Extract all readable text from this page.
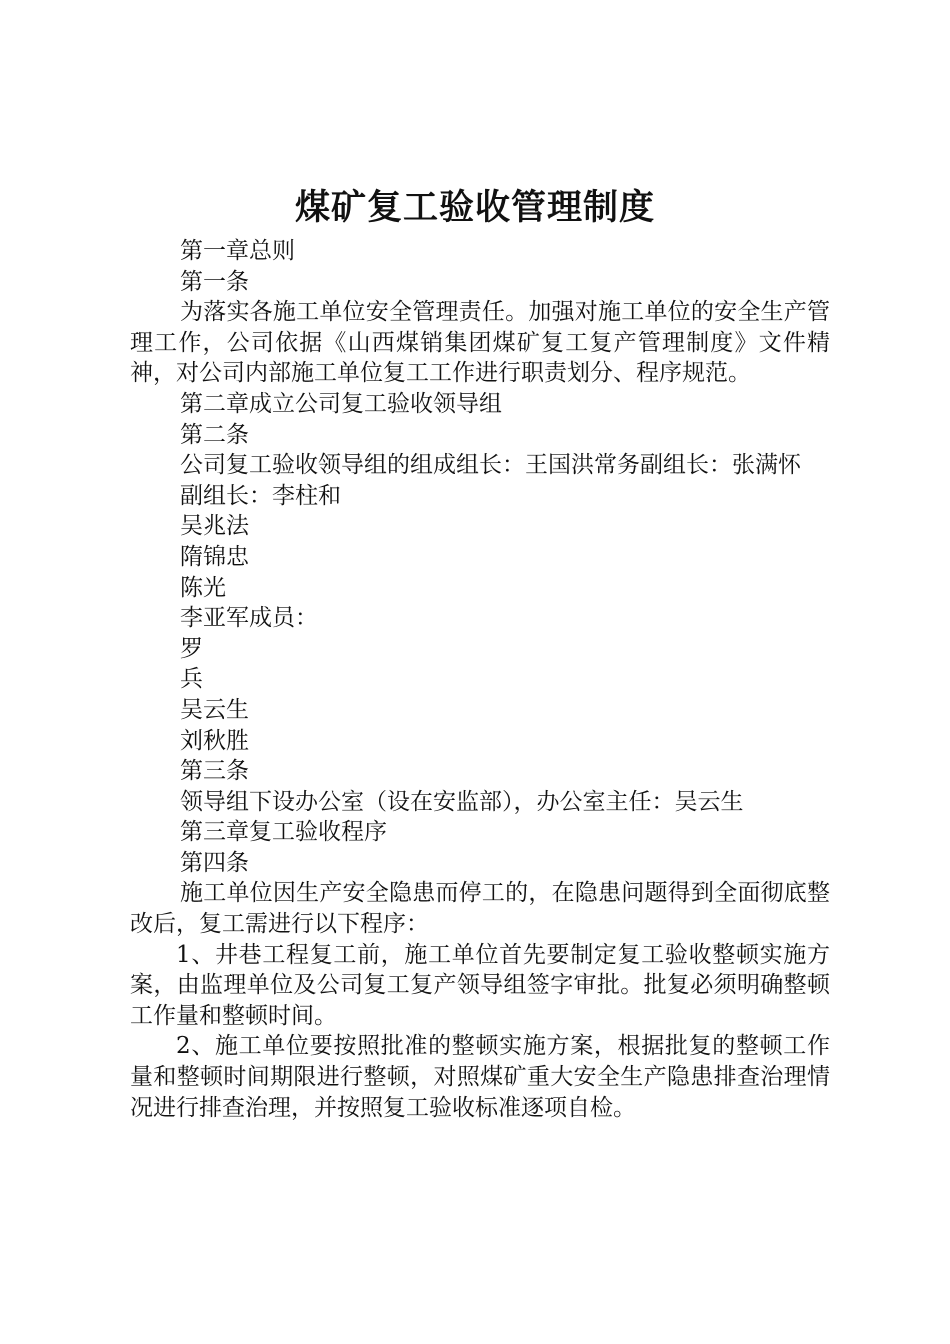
煤矿复工验收管理制度

第一章总则

第一条

为落实各施工单位安全管理责任。加强对施工单位的安全生产管理工作，公司依据《山西煤销集团煤矿复工复产管理制度》文件精神，对公司内部施工单位复工工作进行职责划分、程序规范。

第二章成立公司复工验收领导组

第二条

公司复工验收领导组的组成组长：王国洪常务副组长：张满怀

副组长：李柱和

吴兆法

隋锦忠

陈光

李亚军成员：

罗

兵

吴云生

刘秋胜

第三条

领导组下设办公室（设在安监部），办公室主任：吴云生

第三章复工验收程序

第四条

施工单位因生产安全隐患而停工的，在隐患问题得到全面彻底整改后，复工需进行以下程序：

1、井巷工程复工前，施工单位首先要制定复工验收整顿实施方案，由监理单位及公司复工复产领导组签字审批。批复必须明确整顿工作量和整顿时间。

2、施工单位要按照批准的整顿实施方案，根据批复的整顿工作量和整顿时间期限进行整顿，对照煤矿重大安全生产隐患排查治理情况进行排查治理，并按照复工验收标准逐项自检。
